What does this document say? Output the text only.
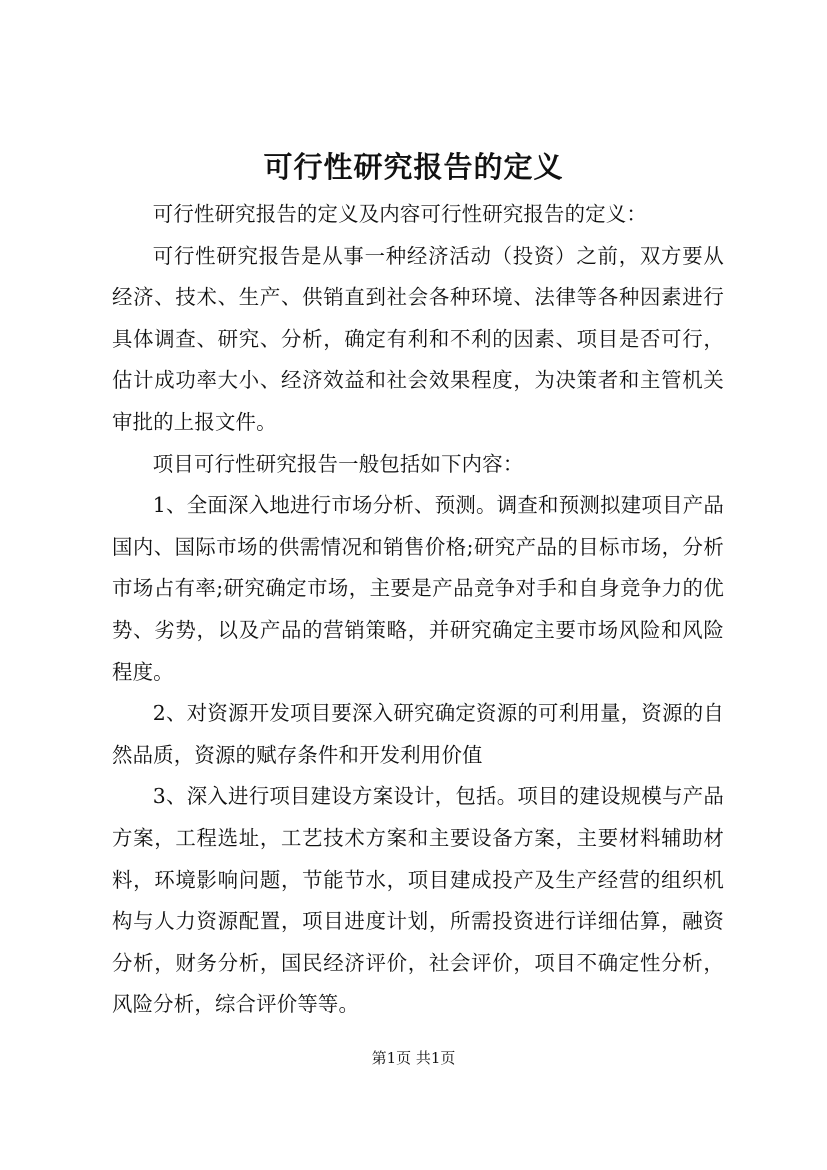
可行性研究报告的定义

可行性研究报告的定义及内容可行性研究报告的定义：

可行性研究报告是从事一种经济活动（投资）之前，双方要从经济、技术、生产、供销直到社会各种环境、法律等各种因素进行具体调查、研究、分析，确定有利和不利的因素、项目是否可行，估计成功率大小、经济效益和社会效果程度，为决策者和主管机关审批的上报文件。

项目可行性研究报告一般包括如下内容：

1、全面深入地进行市场分析、预测。调查和预测拟建项目产品国内、国际市场的供需情况和销售价格;研究产品的目标市场，分析市场占有率;研究确定市场，主要是产品竞争对手和自身竞争力的优势、劣势，以及产品的营销策略，并研究确定主要市场风险和风险程度。

2、对资源开发项目要深入研究确定资源的可利用量，资源的自然品质，资源的赋存条件和开发利用价值

3、深入进行项目建设方案设计，包括。项目的建设规模与产品方案，工程选址，工艺技术方案和主要设备方案，主要材料辅助材料，环境影响问题，节能节水，项目建成投产及生产经营的组织机构与人力资源配置，项目进度计划，所需投资进行详细估算，融资分析，财务分析，国民经济评价，社会评价，项目不确定性分析，风险分析，综合评价等等。

第1页 共1页
